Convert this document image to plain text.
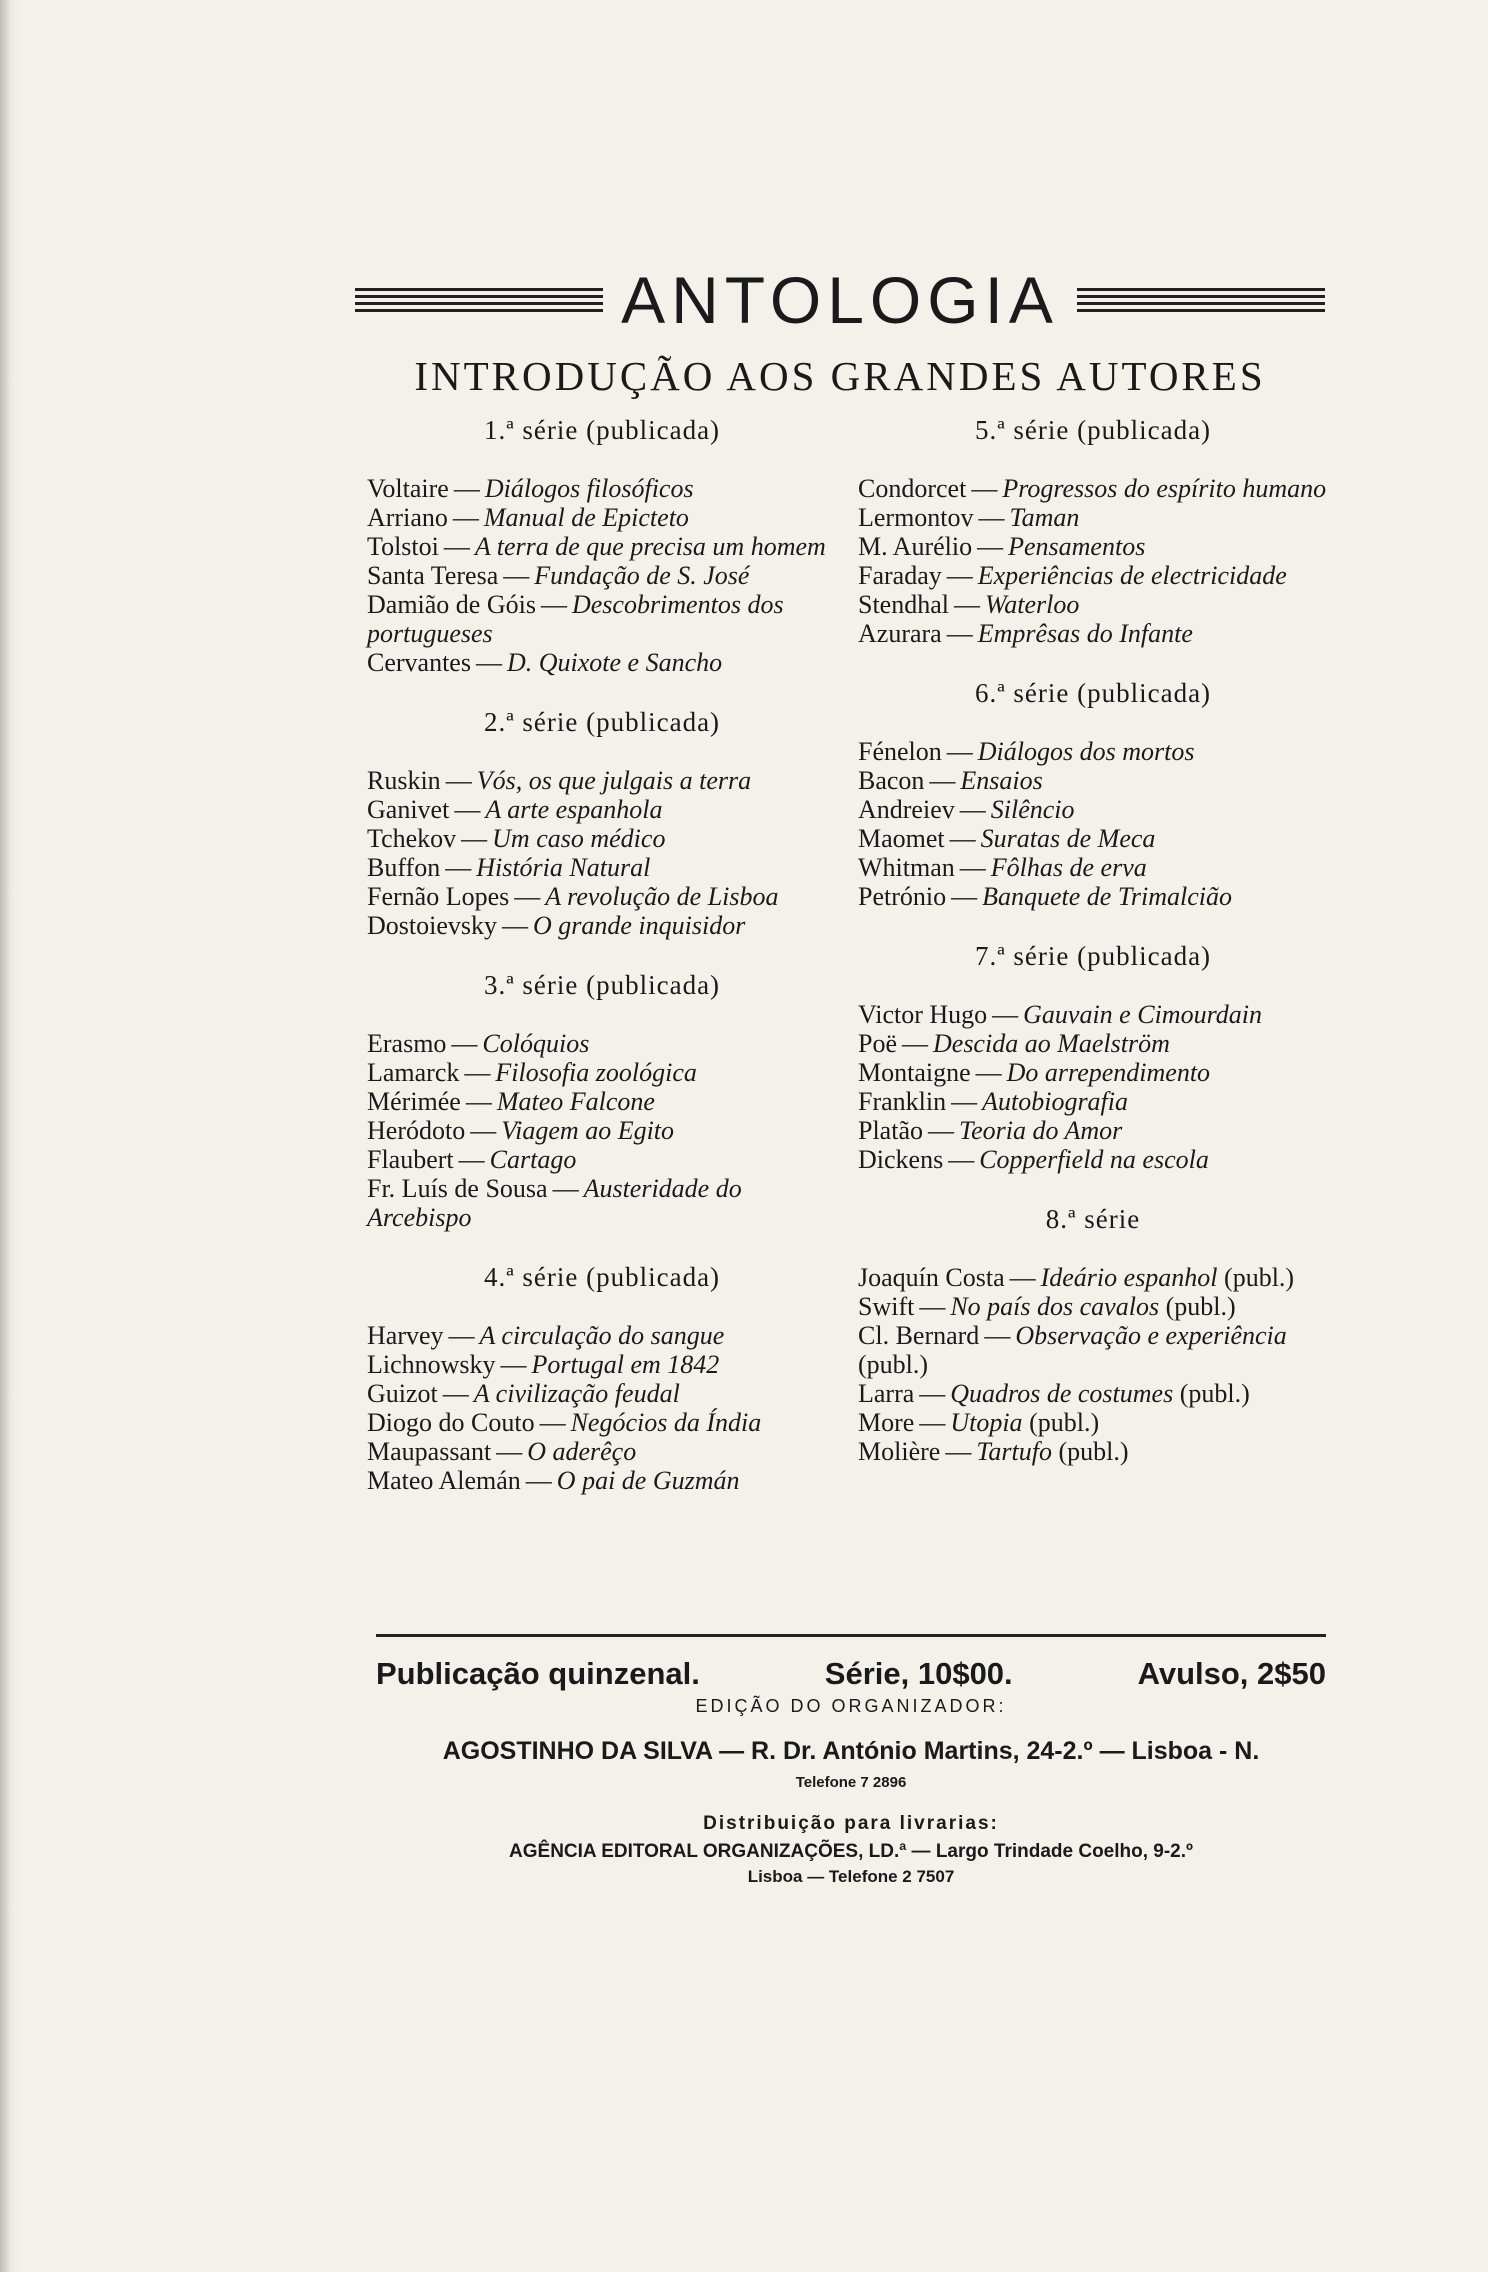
ANTOLOGIA
INTRODUÇÃO AOS GRANDES AUTORES
1.ª série (publicada)
Voltaire — Diálogos filosóficos
Arriano — Manual de Epicteto
Tolstoi — A terra de que precisa um homem
Santa Teresa — Fundação de S. José
Damião de Góis — Descobrimentos dos portugueses
Cervantes — D. Quixote e Sancho
2.ª série (publicada)
Ruskin — Vós, os que julgais a terra
Ganivet — A arte espanhola
Tchekov — Um caso médico
Buffon — História Natural
Fernão Lopes — A revolução de Lisboa
Dostoievsky — O grande inquisidor
3.ª série (publicada)
Erasmo — Colóquios
Lamarck — Filosofia zoológica
Mérimée — Mateo Falcone
Heródoto — Viagem ao Egito
Flaubert — Cartago
Fr. Luís de Sousa — Austeridade do Arcebispo
4.ª série (publicada)
Harvey — A circulação do sangue
Lichnowsky — Portugal em 1842
Guizot — A civilização feudal
Diogo do Couto — Negócios da Índia
Maupassant — O aderêço
Mateo Alemán — O pai de Guzmán
5.ª série (publicada)
Condorcet — Progressos do espírito humano
Lermontov — Taman
M. Aurélio — Pensamentos
Faraday — Experiências de electricidade
Stendhal — Waterloo
Azurara — Emprêsas do Infante
6.ª série (publicada)
Fénelon — Diálogos dos mortos
Bacon — Ensaios
Andreiev — Silêncio
Maomet — Suratas de Meca
Whitman — Fôlhas de erva
Petrónio — Banquete de Trimalcião
7.ª série (publicada)
Victor Hugo — Gauvain e Cimourdain
Poë — Descida ao Maelström
Montaigne — Do arrependimento
Franklin — Autobiografia
Platão — Teoria do Amor
Dickens — Copperfield na escola
8.ª série
Joaquín Costa — Ideário espanhol (publ.)
Swift — No país dos cavalos (publ.)
Cl. Bernard — Observação e experiência (publ.)
Larra — Quadros de costumes (publ.)
More — Utopia (publ.)
Molière — Tartufo (publ.)
Publicação quinzenal.	Série, 10$00.	Avulso, 2$50
EDIÇÃO DO ORGANIZADOR:
AGOSTINHO DA SILVA — R. Dr. António Martins, 24-2.º — Lisboa - N.
Telefone 7 2896
Distribuição para livrarias:
AGÊNCIA EDITORAL ORGANIZAÇÕES, LD.ª — Largo Trindade Coelho, 9-2.º
Lisboa — Telefone 2 7507
